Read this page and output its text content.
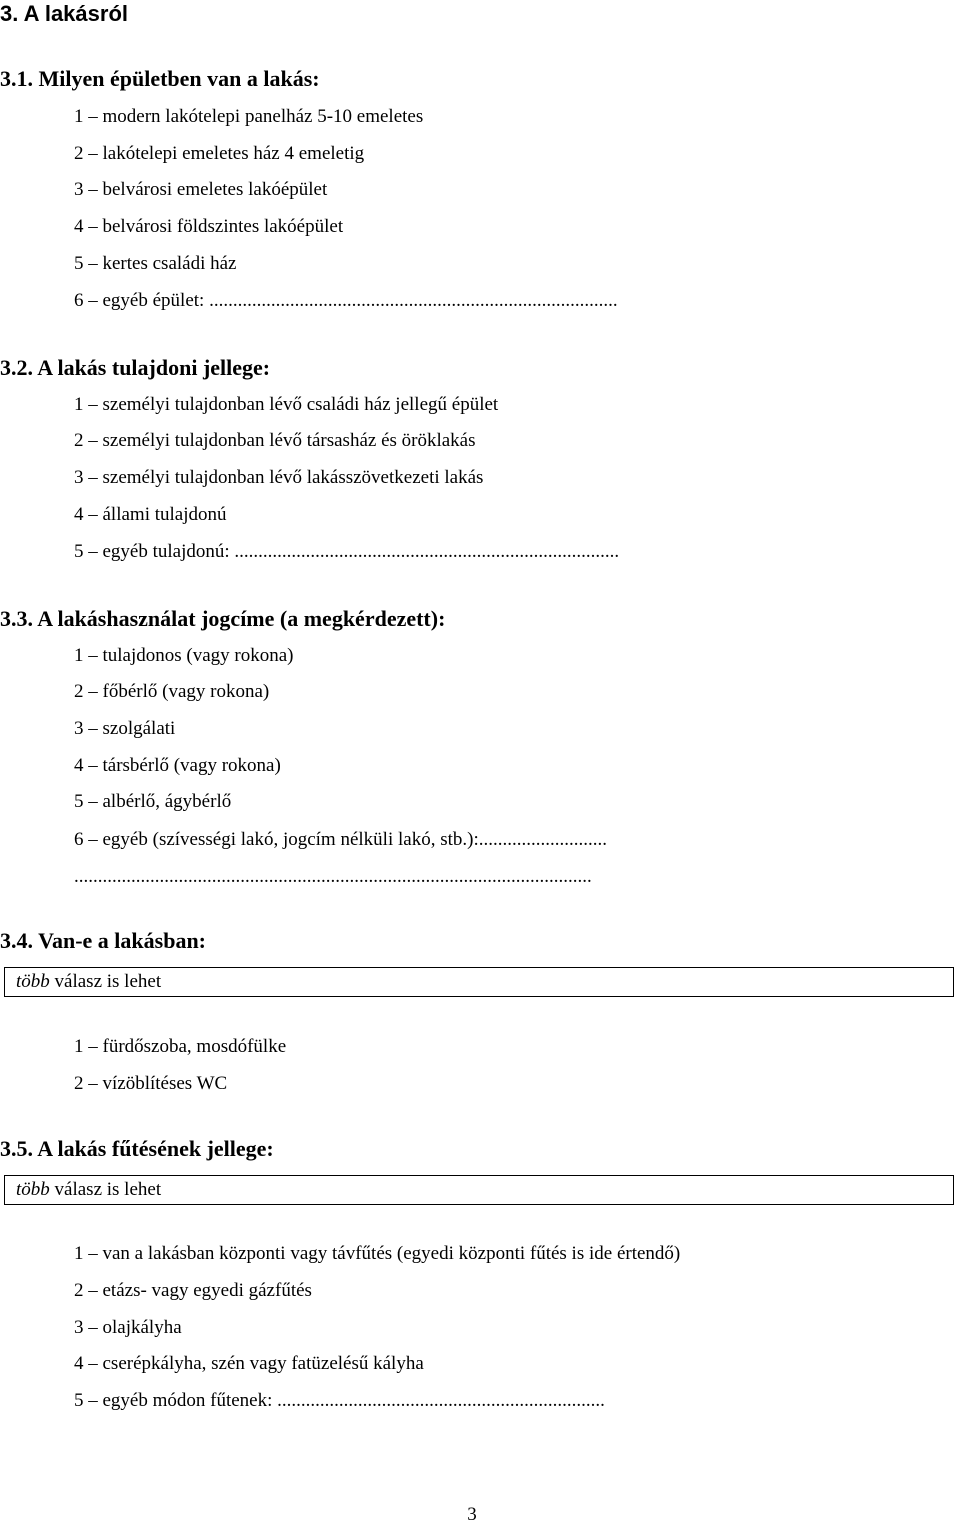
3. A lakásról
3.1. Milyen épületben van a lakás:
1 – modern lakótelepi panelház 5-10 emeletes
2 – lakótelepi emeletes ház 4 emeletig
3 – belvárosi emeletes lakóépület
4 – belvárosi földszintes lakóépület
5 – kertes családi ház
6 – egyéb épület: ......................................................................................
3.2. A lakás tulajdoni jellege:
1 – személyi tulajdonban lévő családi ház jellegű épület
2 – személyi tulajdonban lévő társasház és öröklakás
3 – személyi tulajdonban lévő lakásszövetkezeti lakás
4 – állami tulajdonú
5 – egyéb tulajdonú: .................................................................................
3.3. A lakáshasználat jogcíme (a megkérdezett):
1 – tulajdonos (vagy rokona)
2 – főbérlő (vagy rokona)
3 – szolgálati
4 – társbérlő (vagy rokona)
5 – albérlő, ágybérlő
6 – egyéb (szívességi lakó, jogcím nélküli lakó, stb.):...........................
.............................................................................................................
3.4. Van-e a lakásban:
több válasz is lehet
1 – fürdőszoba, mosdófülke
2 – vízöblítéses WC
3.5. A lakás fűtésének jellege:
több válasz is lehet
1 – van a lakásban központi vagy távfűtés (egyedi központi fűtés is ide értendő)
2 – etázs- vagy egyedi gázfűtés
3 – olajkályha
4 – cserépkályha, szén vagy fatüzelésű kályha
5 – egyéb módon fűtenek: .....................................................................
3
